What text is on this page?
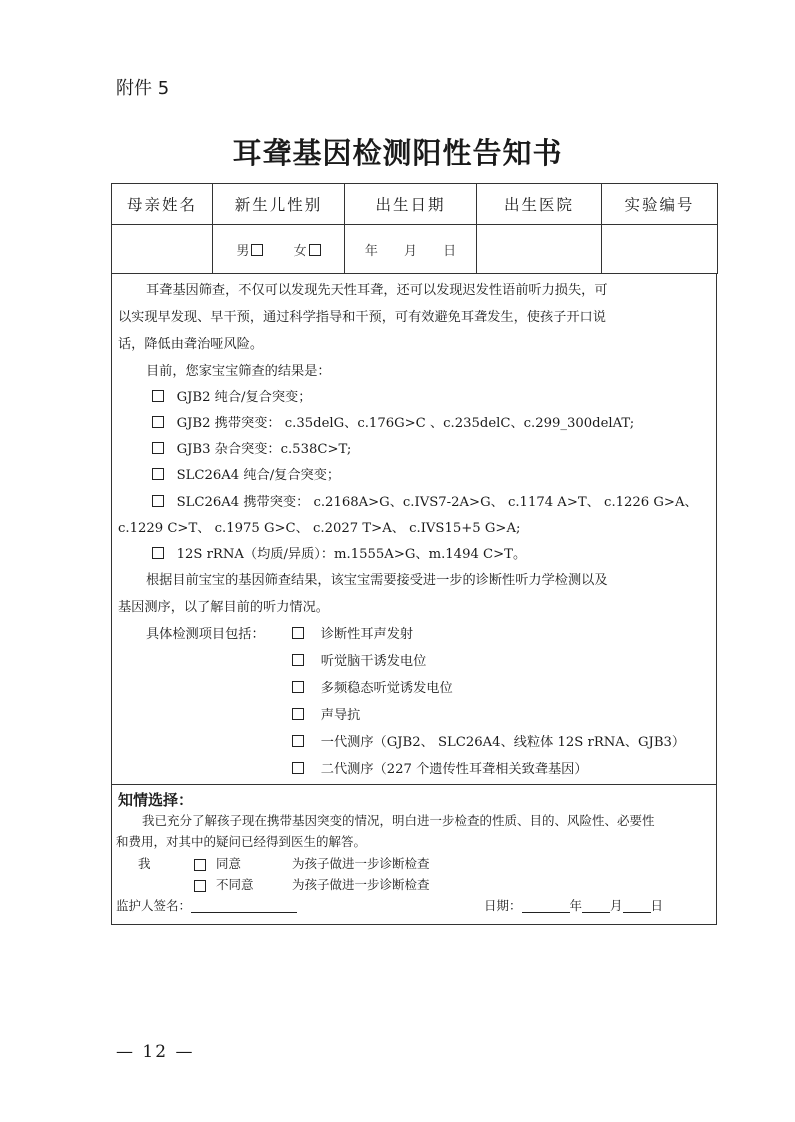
附件 5
耳聋基因检测阳性告知书
母亲姓名	新生儿性别	出生日期	出生医院	实验编号
	男 女	年 月 日		
耳聋基因筛查，不仅可以发现先天性耳聋，还可以发现迟发性语前听力损失，可
以实现早发现、早干预，通过科学指导和干预，可有效避免耳聋发生，使孩子开口说
话，降低由聋治哑风险。
目前，您家宝宝筛查的结果是：
GJB2 纯合/复合突变；
GJB2 携带突变： c.35delG、c.176G>C 、c.235delC、c.299_300delAT;
GJB3 杂合突变：c.538C>T;
SLC26A4 纯合/复合突变；
SLC26A4 携带突变： c.2168A>G、c.IVS7-2A>G、 c.1174 A>T、 c.1226 G>A、
c.1229 C>T、 c.1975 G>C、 c.2027 T>A、 c.IVS15+5 G>A;
12S rRNA（均质/异质）：m.1555A>G、m.1494 C>T。
根据目前宝宝的基因筛查结果，该宝宝需要接受进一步的诊断性听力学检测以及
基因测序，以了解目前的听力情况。
具体检测项目包括：	诊断性耳声发射
听觉脑干诱发电位
多频稳态听觉诱发电位
声导抗
一代测序（GJB2、 SLC26A4、线粒体 12S rRNA、GJB3）
二代测序（227 个遗传性耳聋相关致聋基因）
知情选择：
我已充分了解孩子现在携带基因突变的情况，明白进一步检查的性质、目的、风险性、必要性
和费用，对其中的疑问已经得到医生的解答。
我	同意	为孩子做进一步诊断检查
不同意	为孩子做进一步诊断检查
监护人签名：	日期：	年 月 日
— 12 —
